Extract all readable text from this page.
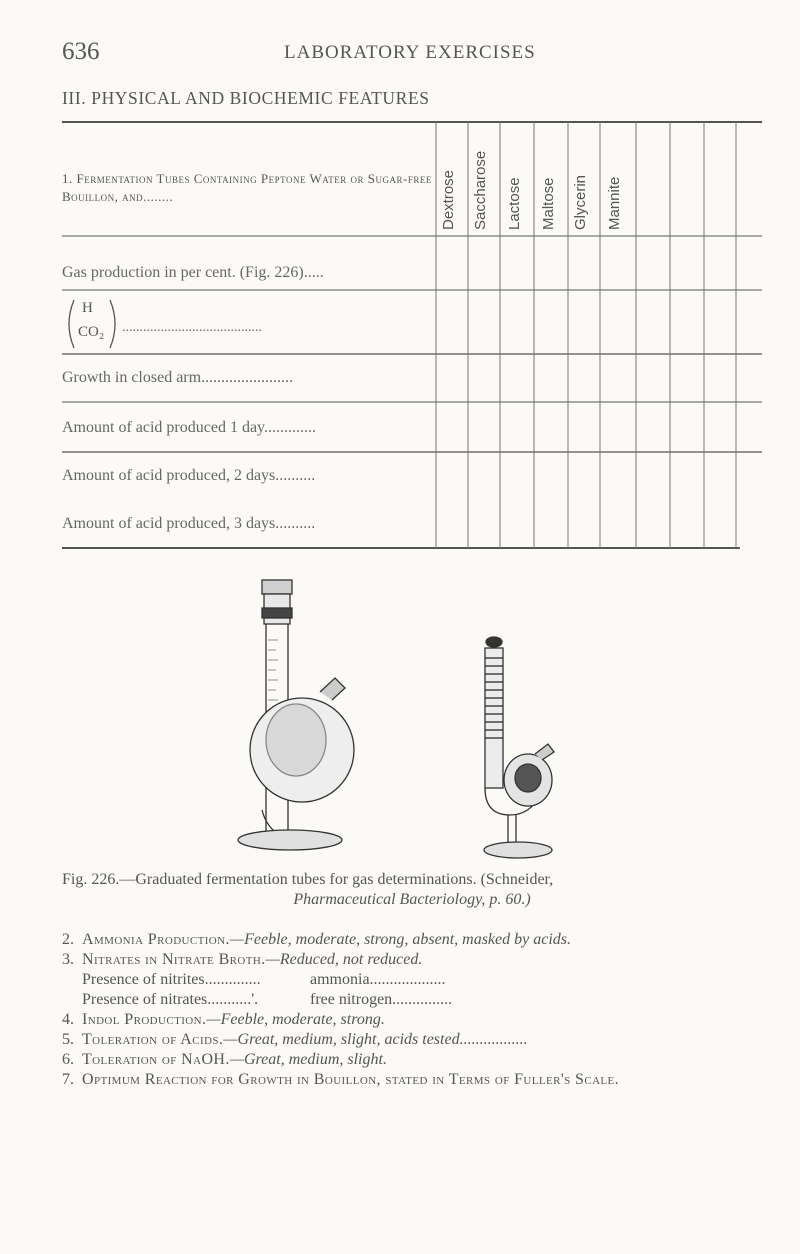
636	LABORATORY EXERCISES
III. PHYSICAL AND BIOCHEMIC FEATURES
1. Fermentation Tubes Containing Peptone Water or Sugar-free Bouillon, and........	Dextrose Saccharose Lactose Maltose Glycerin Mannite
Gas production in per cent. (Fig. 226).....
H
CO₂ ........................................
Growth in closed arm.......................
Amount of acid produced 1 day.............
Amount of acid produced, 2 days..........
Amount of acid produced, 3 days..........
Fig. 226.—Graduated fermentation tubes for gas determinations. (Schneider,
Pharmaceutical Bacteriology, p. 60.)
2. Ammonia Production.—Feeble, moderate, strong, absent, masked by acids.
3. Nitrates in Nitrate Broth.—Reduced, not reduced.
Presence of nitrites..............	ammonia...................
Presence of nitrates...........'.	free nitrogen...............
4. Indol Production.—Feeble, moderate, strong.
5. Toleration of Acids.—Great, medium, slight, acids tested.................
6. Toleration of NaOH.—Great, medium, slight.
7. Optimum Reaction for Growth in Bouillon, stated in Terms of Fuller's Scale.
